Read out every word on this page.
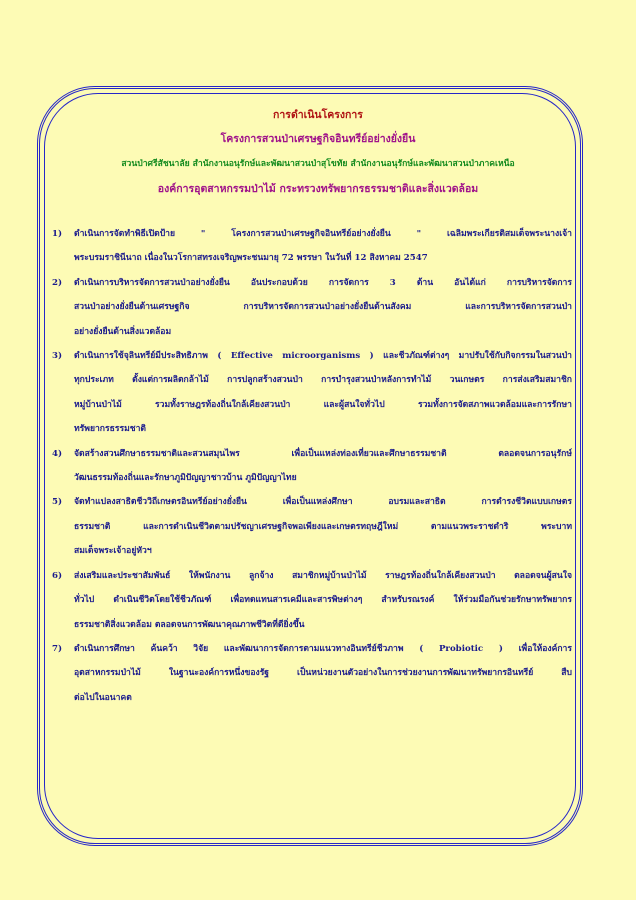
การดำเนินโครงการ
โครงการสวนป่าเศรษฐกิจอินทรีย์อย่างยั่งยืน
สวนป่าศรีสัชนาลัย สำนักงานอนุรักษ์และพัฒนาสวนป่าสุโขทัย สำนักงานอนุรักษ์และพัฒนาสวนป่าภาคเหนือ
องค์การอุตสาหกรรมป่าไม้ กระทรวงทรัพยากรธรรมชาติและสิ่งแวดล้อม
1)	ดำเนินการจัดทำพิธีเปิดป้าย " โครงการสวนป่าเศรษฐกิจอินทรีย์อย่างยั่งยืน " เฉลิมพระเกียรติสมเด็จพระนางเจ้า
พระบรมราชินีนาถ เนื่องในวโรกาสทรงเจริญพระชนมายุ 72 พรรษา ในวันที่ 12 สิงหาคม 2547
2)	ดำเนินการบริหารจัดการสวนป่าอย่างยั่งยืน อันประกอบด้วย การจัดการ 3 ด้าน อันได้แก่ การบริหารจัดการ
สวนป่าอย่างยั่งยืนด้านเศรษฐกิจ การบริหารจัดการสวนป่าอย่างยั่งยืนด้านสังคม และการบริหารจัดการสวนป่า
อย่างยั่งยืนด้านสิ่งแวดล้อม
3)	ดำเนินการใช้จุลินทรีย์มีประสิทธิภาพ ( Effective microorganisms ) และชีวภัณฑ์ต่างๆ มาปรับใช้กับกิจกรรมในสวนป่า
ทุกประเภท ตั้งแต่การผลิตกล้าไม้ การปลูกสร้างสวนป่า การบำรุงสวนป่าหลังการทำไม้ วนเกษตร การส่งเสริมสมาชิก
หมู่บ้านป่าไม้ รวมทั้งราษฎรท้องถิ่นใกล้เคียงสวนป่า และผู้สนใจทั่วไป รวมทั้งการจัดสภาพแวดล้อมและการรักษา
ทรัพยากรธรรมชาติ
4)	จัดสร้างสวนศึกษาธรรมชาติและสวนสมุนไพร เพื่อเป็นแหล่งท่องเที่ยวและศึกษาธรรมชาติ ตลอดจนการอนุรักษ์
วัฒนธรรมท้องถิ่นและรักษาภูมิปัญญาชาวบ้าน ภูมิปัญญาไทย
5)	จัดทำแปลงสาธิตชีววิถีเกษตรอินทรีย์อย่างยั่งยืน เพื่อเป็นแหล่งศึกษา อบรมและสาธิต การดำรงชีวิตแบบเกษตร
ธรรมชาติ และการดำเนินชีวิตตามปรัชญาเศรษฐกิจพอเพียงและเกษตรทฤษฎีใหม่ ตามแนวพระราชดำริ พระบาท
สมเด็จพระเจ้าอยู่หัวฯ
6)	ส่งเสริมและประชาสัมพันธ์ ให้พนักงาน ลูกจ้าง สมาชิกหมู่บ้านป่าไม้ ราษฎรท้องถิ่นใกล้เคียงสวนป่า ตลอดจนผู้สนใจ
ทั่วไป ดำเนินชีวิตโดยใช้ชีวภัณฑ์ เพื่อทดแทนสารเคมีและสารพิษต่างๆ สำหรับรณรงค์ ให้ร่วมมือกันช่วยรักษาทรัพยากร
ธรรมชาติสิ่งแวดล้อม ตลอดจนการพัฒนาคุณภาพชีวิตที่ดียิ่งขึ้น
7)	ดำเนินการศึกษา ค้นคว้า วิจัย และพัฒนาการจัดการตามแนวทางอินทรีย์ชีวภาพ ( Probiotic ) เพื่อให้องค์การ
อุตสาหกรรมป่าไม้ ในฐานะองค์การหนึ่งของรัฐ เป็นหน่วยงานตัวอย่างในการช่วยงานการพัฒนาทรัพยากรอินทรีย์ สืบ
ต่อไปในอนาคต
